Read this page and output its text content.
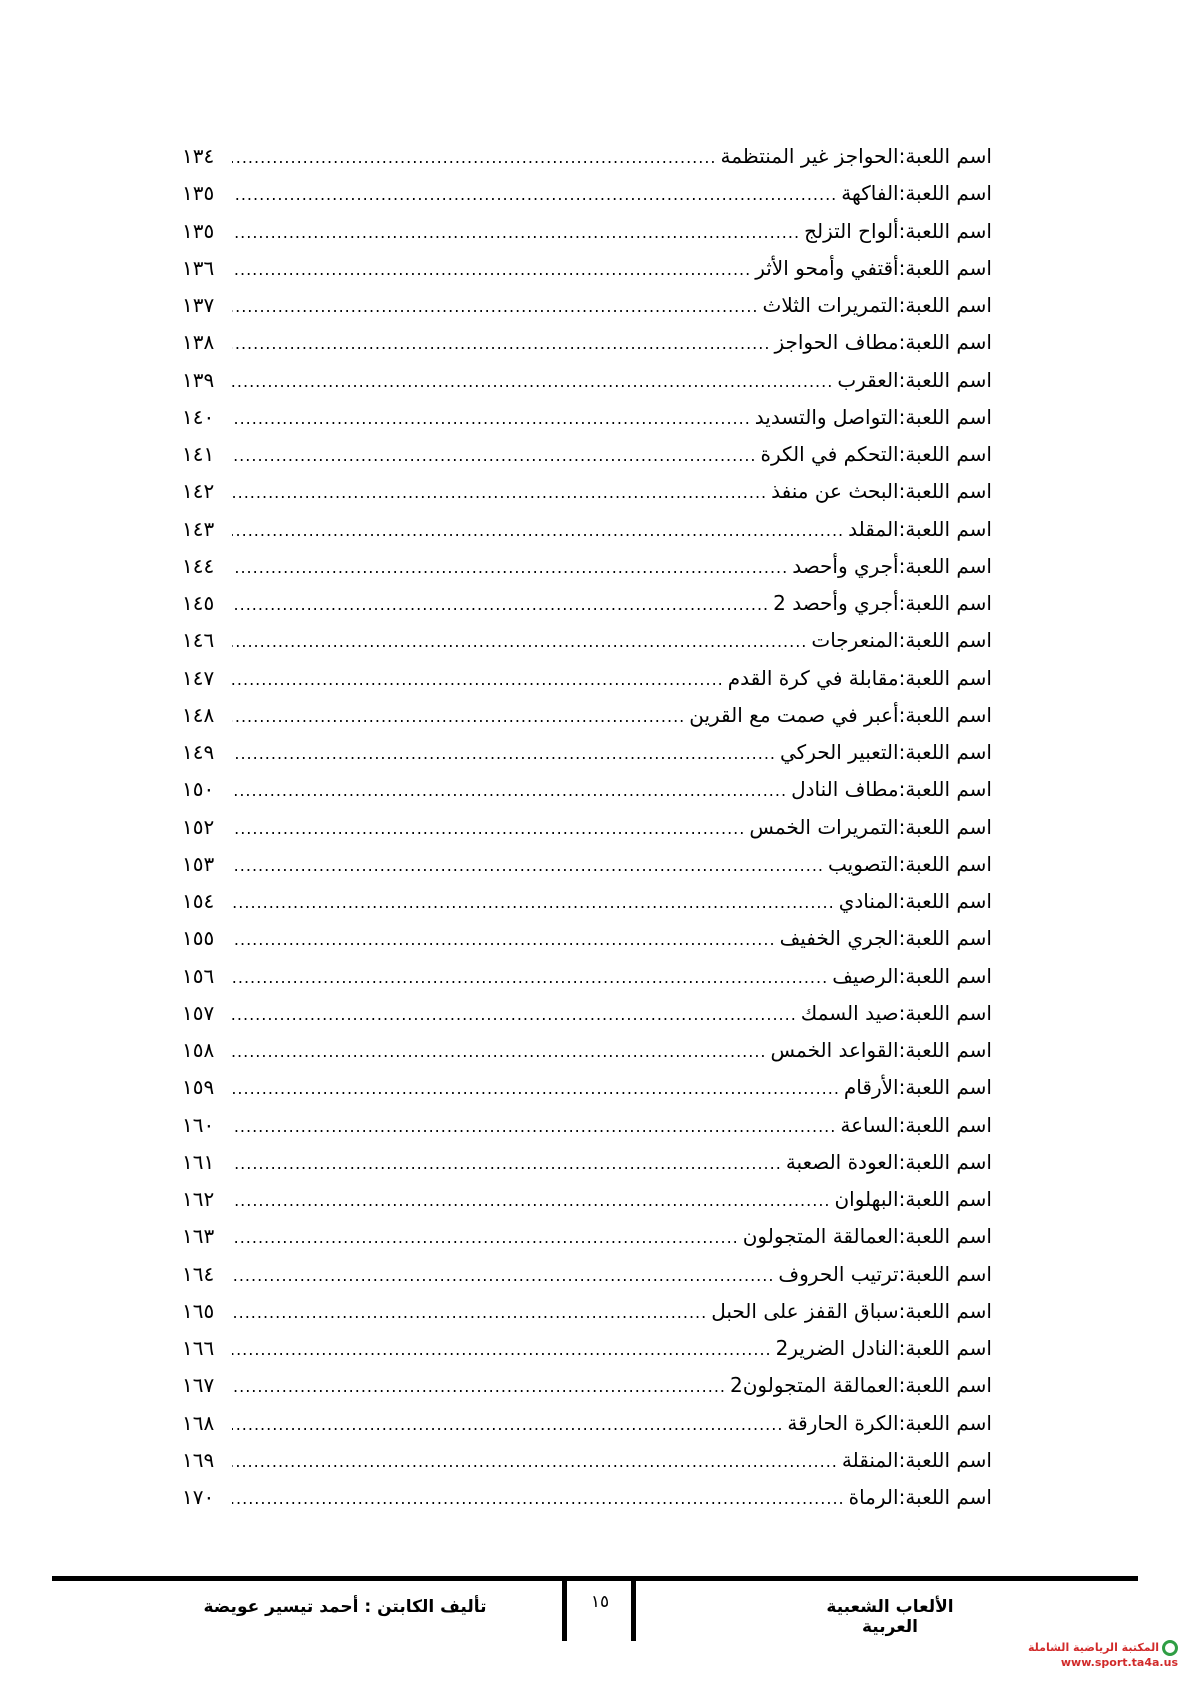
اسم اللعبة:
الحواجز غير المنتظمة
.....
١٣٤
اسم اللعبة:
الفاكهة
.....
١٣٥
اسم اللعبة:
ألواح التزلج
.....
١٣٥
اسم اللعبة:
أقتفي وأمحو الأثر
.....
١٣٦
اسم اللعبة:
التمريرات الثلاث
.....
١٣٧
اسم اللعبة:
مطاف الحواجز
.....
١٣٨
اسم اللعبة:
العقرب
.....
١٣٩
اسم اللعبة:
التواصل والتسديد
.....
١٤٠
اسم اللعبة:
التحكم في الكرة
.....
١٤١
اسم اللعبة:
البحث عن منفذ
.....
١٤٢
اسم اللعبة:
المقلد
.....
١٤٣
اسم اللعبة:
أجري وأحصد
.....
١٤٤
اسم اللعبة:
أجري وأحصد 2
.....
١٤٥
اسم اللعبة:
المنعرجات
.....
١٤٦
اسم اللعبة:
مقابلة في كرة القدم
.....
١٤٧
اسم اللعبة:
أعبر في صمت مع القرين
.....
١٤٨
اسم اللعبة:
التعبير الحركي
.....
١٤٩
اسم اللعبة:
مطاف النادل
.....
١٥٠
اسم اللعبة:
التمريرات الخمس
.....
١٥٢
اسم اللعبة:
التصويب
.....
١٥٣
اسم اللعبة:
المنادي
.....
١٥٤
اسم اللعبة:
الجري الخفيف
.....
١٥٥
اسم اللعبة:
الرصيف
.....
١٥٦
اسم اللعبة:
صيد السمك
.....
١٥٧
اسم اللعبة:
القواعد الخمس
.....
١٥٨
اسم اللعبة:
الأرقام
.....
١٥٩
اسم اللعبة:
الساعة
.....
١٦٠
اسم اللعبة:
العودة الصعبة
.....
١٦١
اسم اللعبة:
البهلوان
.....
١٦٢
اسم اللعبة:
العمالقة المتجولون
.....
١٦٣
اسم اللعبة:
ترتيب الحروف
.....
١٦٤
اسم اللعبة:
سباق القفز على الحبل
.....
١٦٥
اسم اللعبة:
النادل الضرير2
.....
١٦٦
اسم اللعبة:
العمالقة المتجولون2
.....
١٦٧
اسم اللعبة:
الكرة الحارقة
.....
١٦٨
اسم اللعبة:
المنقلة
.....
١٦٩
اسم اللعبة:
الرماة
.....
١٧٠
الألعاب الشعبية العربية
١٥
تأليف الكابتن : أحمد تيسير عويضة
المكتبة الرياضية الشاملة
www.sport.ta4a.us
